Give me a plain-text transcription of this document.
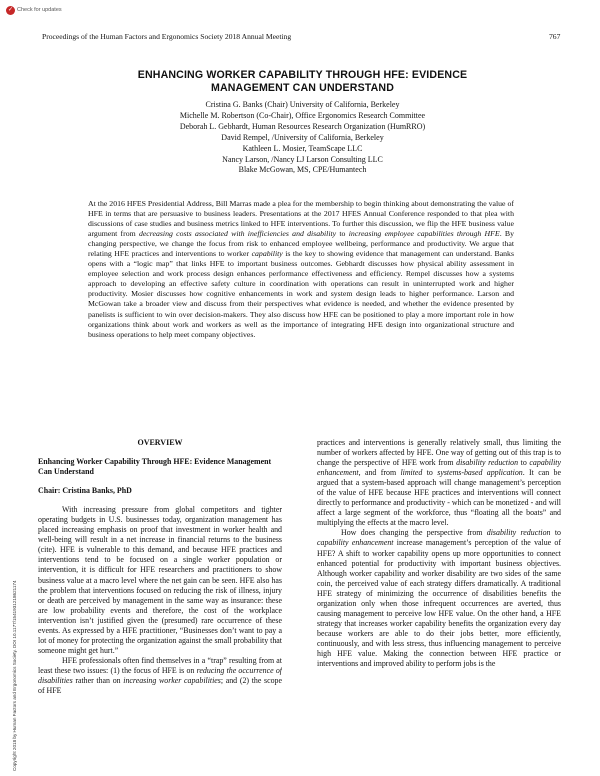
✓ Check for updates
Proceedings of the Human Factors and Ergonomics Society 2018 Annual Meeting	767
ENHANCING WORKER CAPABILITY THROUGH HFE: EVIDENCE
MANAGEMENT CAN UNDERSTAND
Cristina G. Banks (Chair) University of California, Berkeley
Michelle M. Robertson (Co-Chair), Office Ergonomics Research Committee
Deborah L. Gebhardt, Human Resources Research Organization (HumRRO)
David Rempel, /University of California, Berkeley
Kathleen L. Mosier, TeamScape LLC
Nancy Larson, /Nancy LJ Larson Consulting LLC
Blake McGowan, MS, CPE/Humantech
At the 2016 HFES Presidential Address, Bill Marras made a plea for the membership to begin thinking about demonstrating the value of HFE in terms that are persuasive to business leaders. Presentations at the 2017 HFES Annual Conference responded to that plea with discussions of case studies and business metrics linked to HFE interventions. To further this discussion, we flip the HFE business value argument from decreasing costs associated with inefficiencies and disability to increasing employee capabilities through HFE. By changing perspective, we change the focus from risk to enhanced employee wellbeing, performance and productivity. We argue that relating HFE practices and interventions to worker capability is the key to showing evidence that management can understand. Banks opens with a “logic map” that links HFE to important business outcomes. Gebhardt discusses how physical ability assessment in employee selection and work process design enhances performance effectiveness and efficiency. Rempel discusses how a systems approach to developing an effective safety culture in coordination with operations can result in uninterrupted work and higher productivity. Mosier discusses how cognitive enhancements in work and system design leads to higher performance. Larson and McGowan take a broader view and discuss from their perspectives what evidence is needed, and whether the evidence presented by panelists is sufficient to win over decision-makers. They also discuss how HFE can be positioned to play a more important role in how organizations think about work and workers as well as the importance of integrating HFE design into organizational structure and business operations to help meet company objectives.
Copyright 2018 by Human Factors and Ergonomics Society. DOI 10.1177/1541931218621174
OVERVIEW
Enhancing Worker Capability Through HFE: Evidence Management Can Understand
Chair: Cristina Banks, PhD

With increasing pressure from global competitors and tighter operating budgets in U.S. businesses today, organization management has placed increasing emphasis on proof that investment in worker health and well-being will result in a net increase in financial returns to the business (cite). HFE is vulnerable to this demand, and because HFE practices and interventions tend to be focused on a single worker population or intervention, it is difficult for HFE researchers and practitioners to show business value at a macro level where the net gain can be seen. HFE also has the problem that interventions focused on reducing the risk of illness, injury or death are perceived by management in the same way as insurance: these are low probability events and therefore, the cost of the workplace intervention isn’t justified given the (presumed) rare occurrence of these events. As expressed by a HFE practitioner, “Businesses don’t want to pay a lot of money for protecting the organization against the small probability that someone might get hurt.”

HFE professionals often find themselves in a “trap” resulting from at least these two issues: (1) the focus of HFE is on reducing the occurrence of disabilities rather than on increasing worker capabilities; and (2) the scope of HFE

practices and interventions is generally relatively small, thus limiting the number of workers affected by HFE. One way of getting out of this trap is to change the perspective of HFE work from disability reduction to capability enhancement, and from limited to systems-based application. It can be argued that a system-based approach will change management’s perception of the value of HFE because HFE practices and interventions will connect directly to performance and productivity - which can be monetized - and will affect a large segment of the workforce, thus “floating all the boats” and multiplying the effects at the macro level.

How does changing the perspective from disability reduction to capability enhancement increase management’s perception of the value of HFE? A shift to worker capability opens up more opportunities to connect enhanced potential for productivity with important business objectives. Although worker capability and worker disability are two sides of the same coin, the perceived value of each strategy differs dramatically. A traditional HFE strategy of minimizing the occurrence of disabilities benefits the organization only when those infrequent occurrences are averted, thus causing management to perceive low HFE value. On the other hand, a HFE strategy that increases worker capability benefits the organization every day because workers are able to do their jobs better, more efficiently, continuously, and with less stress, thus influencing management to perceive high HFE value. Making the connection between HFE practice or interventions and improved ability to perform jobs is the
